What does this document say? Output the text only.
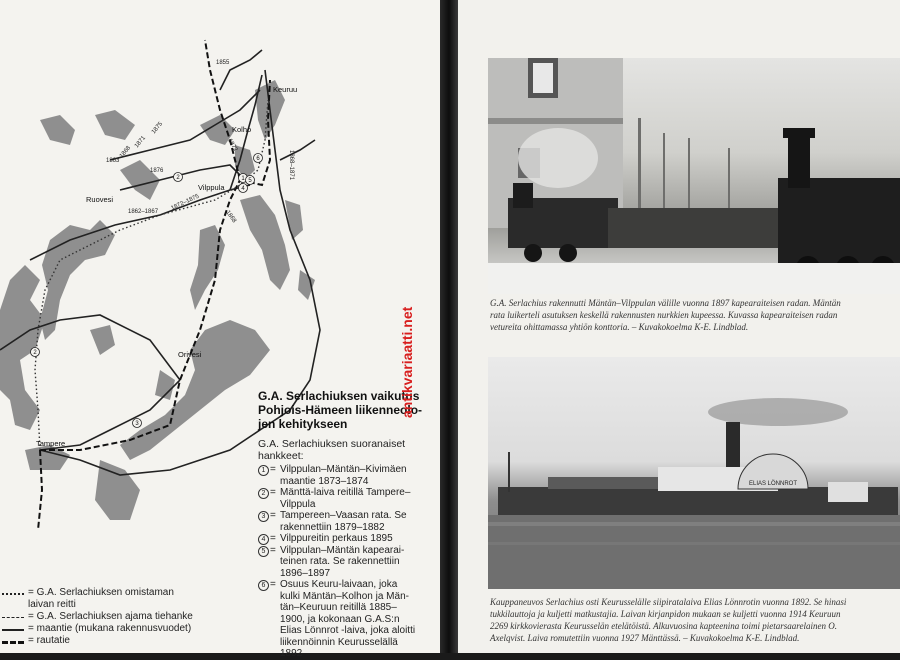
Keuruu
Kolho
Vilppula
Ruovesi
Orivesi
Tampere
1855
1863
1868
1871
1875
1876
1872
1862–1867
1872–1875
1868–1871
1868
1
2
3
4
5
6
2
G.A. Serlachiuksen vaikutus
Pohjois-Hämeen liikenneolo-
jen kehitykseen
G.A. Serlachiuksen suoranaiset hankkeet:
1 = Vilppulan–Mäntän–Kivimäen
maantie 1873–1874
2 = Mänttä-laiva reitillä Tampere–
Vilppula
3 = Tampereen–Vaasan rata. Se
rakennettiin 1879–1882
4 = Vilppureitin perkaus 1895
5 = Vilppulan–Mäntän kapearai-
teinen rata. Se rakennettiin
1896–1897
6 = Osuus Keuru-laivaan, joka
kulki Mäntän–Kolhon ja Män-
tän–Keuruun reitillä 1885–
1900, ja kokonaan G.A.S:n
Elias Lönnrot -laiva, joka aloitti
liikennöinnin Keurusselällä
1892
= G.A. Serlachiuksen omistaman
laivan reitti
= G.A. Serlachiuksen ajama tiehanke
= maantie (mukana rakennusvuodet)
= rautatie
antikvariaatti.net
G.A. Serlachius rakennutti Mäntän–Vilppulan välille vuonna 1897 kapearaiteisen radan. Mäntän
rata luikerteli asutuksen keskellä rakennusten nurkkien kupeessa. Kuvassa kapearaiteisen radan
vetureita ohittamassa yhtiön konttoria. – Kuvakokoelma K-E. Lindblad.
ELIAS LÖNNROT
Kauppaneuvos Serlachius osti Keurusselälle siipiratalaiva Elias Lönnrotin vuonna 1892. Se hinasi
tukkilauttoja ja kuljetti matkustajia. Laivan kirjanpidon mukaan se kuljetti vuonna 1914 Keuruun
2269 kirkkovierasta Keurusselän etelätöistä. Alkuvuosina kapteenina toimi pietarsaarelainen O.
Axelqvist. Laiva romutettiin vuonna 1927 Mänttässä. – Kuvakokoelma K-E. Lindblad.
